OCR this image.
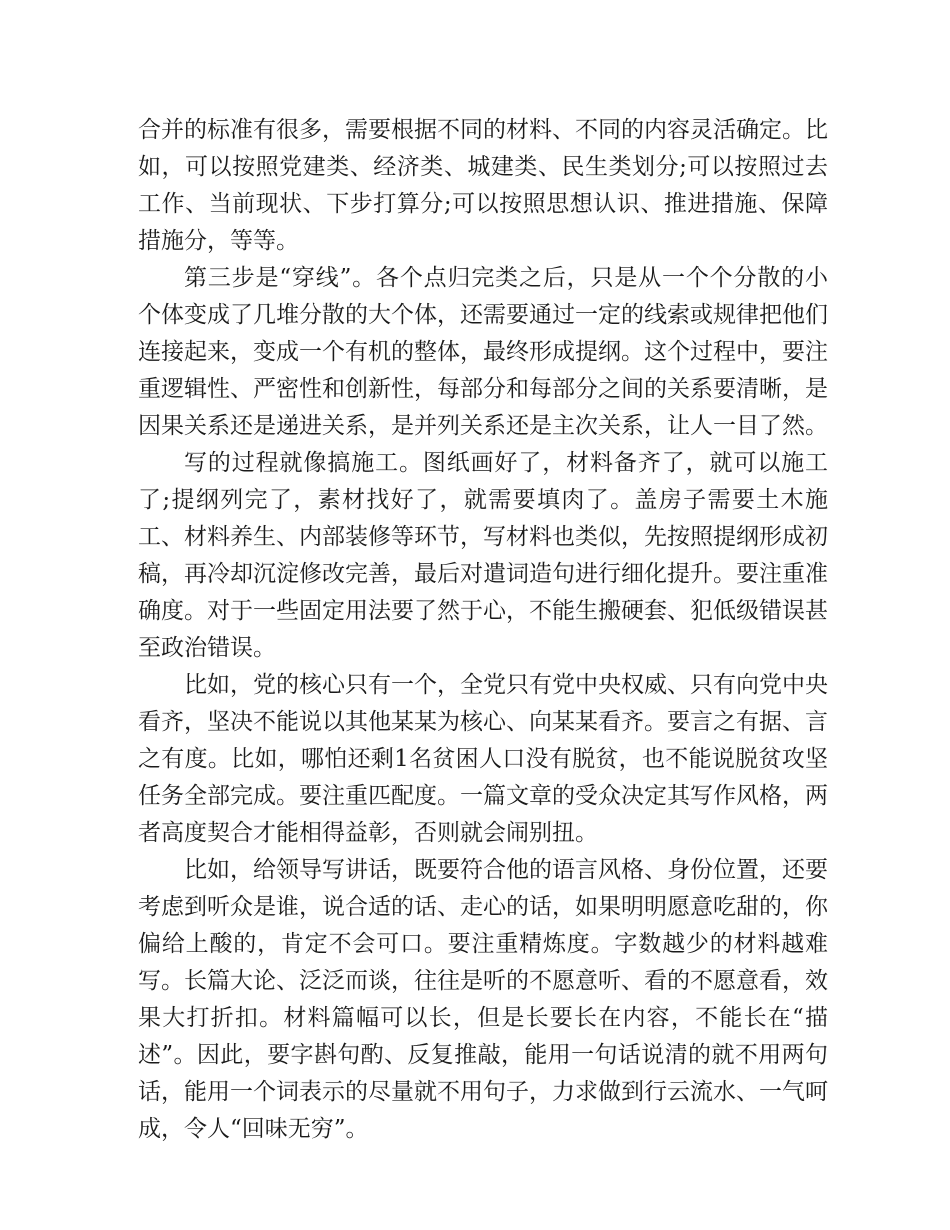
合并的标准有很多，需要根据不同的材料、不同的内容灵活确定。比如，可以按照党建类、经济类、城建类、民生类划分;可以按照过去工作、当前现状、下步打算分;可以按照思想认识、推进措施、保障措施分，等等。

第三步是“穿线”。各个点归完类之后，只是从一个个分散的小个体变成了几堆分散的大个体，还需要通过一定的线索或规律把他们连接起来，变成一个有机的整体，最终形成提纲。这个过程中，要注重逻辑性、严密性和创新性，每部分和每部分之间的关系要清晰，是因果关系还是递进关系，是并列关系还是主次关系，让人一目了然。

写的过程就像搞施工。图纸画好了，材料备齐了，就可以施工了;提纲列完了，素材找好了，就需要填肉了。盖房子需要土木施工、材料养生、内部装修等环节，写材料也类似，先按照提纲形成初稿，再冷却沉淀修改完善，最后对遣词造句进行细化提升。要注重准确度。对于一些固定用法要了然于心，不能生搬硬套、犯低级错误甚至政治错误。

比如，党的核心只有一个，全党只有党中央权威、只有向党中央看齐，坚决不能说以其他某某为核心、向某某看齐。要言之有据、言之有度。比如，哪怕还剩1名贫困人口没有脱贫，也不能说脱贫攻坚任务全部完成。要注重匹配度。一篇文章的受众决定其写作风格，两者高度契合才能相得益彰，否则就会闹别扭。

比如，给领导写讲话，既要符合他的语言风格、身份位置，还要考虑到听众是谁，说合适的话、走心的话，如果明明愿意吃甜的，你偏给上酸的，肯定不会可口。要注重精炼度。字数越少的材料越难写。长篇大论、泛泛而谈，往往是听的不愿意听、看的不愿意看，效果大打折扣。材料篇幅可以长，但是长要长在内容，不能长在“描述”。因此，要字斟句酌、反复推敲，能用一句话说清的就不用两句话，能用一个词表示的尽量就不用句子，力求做到行云流水、一气呵成，令人“回味无穷”。
